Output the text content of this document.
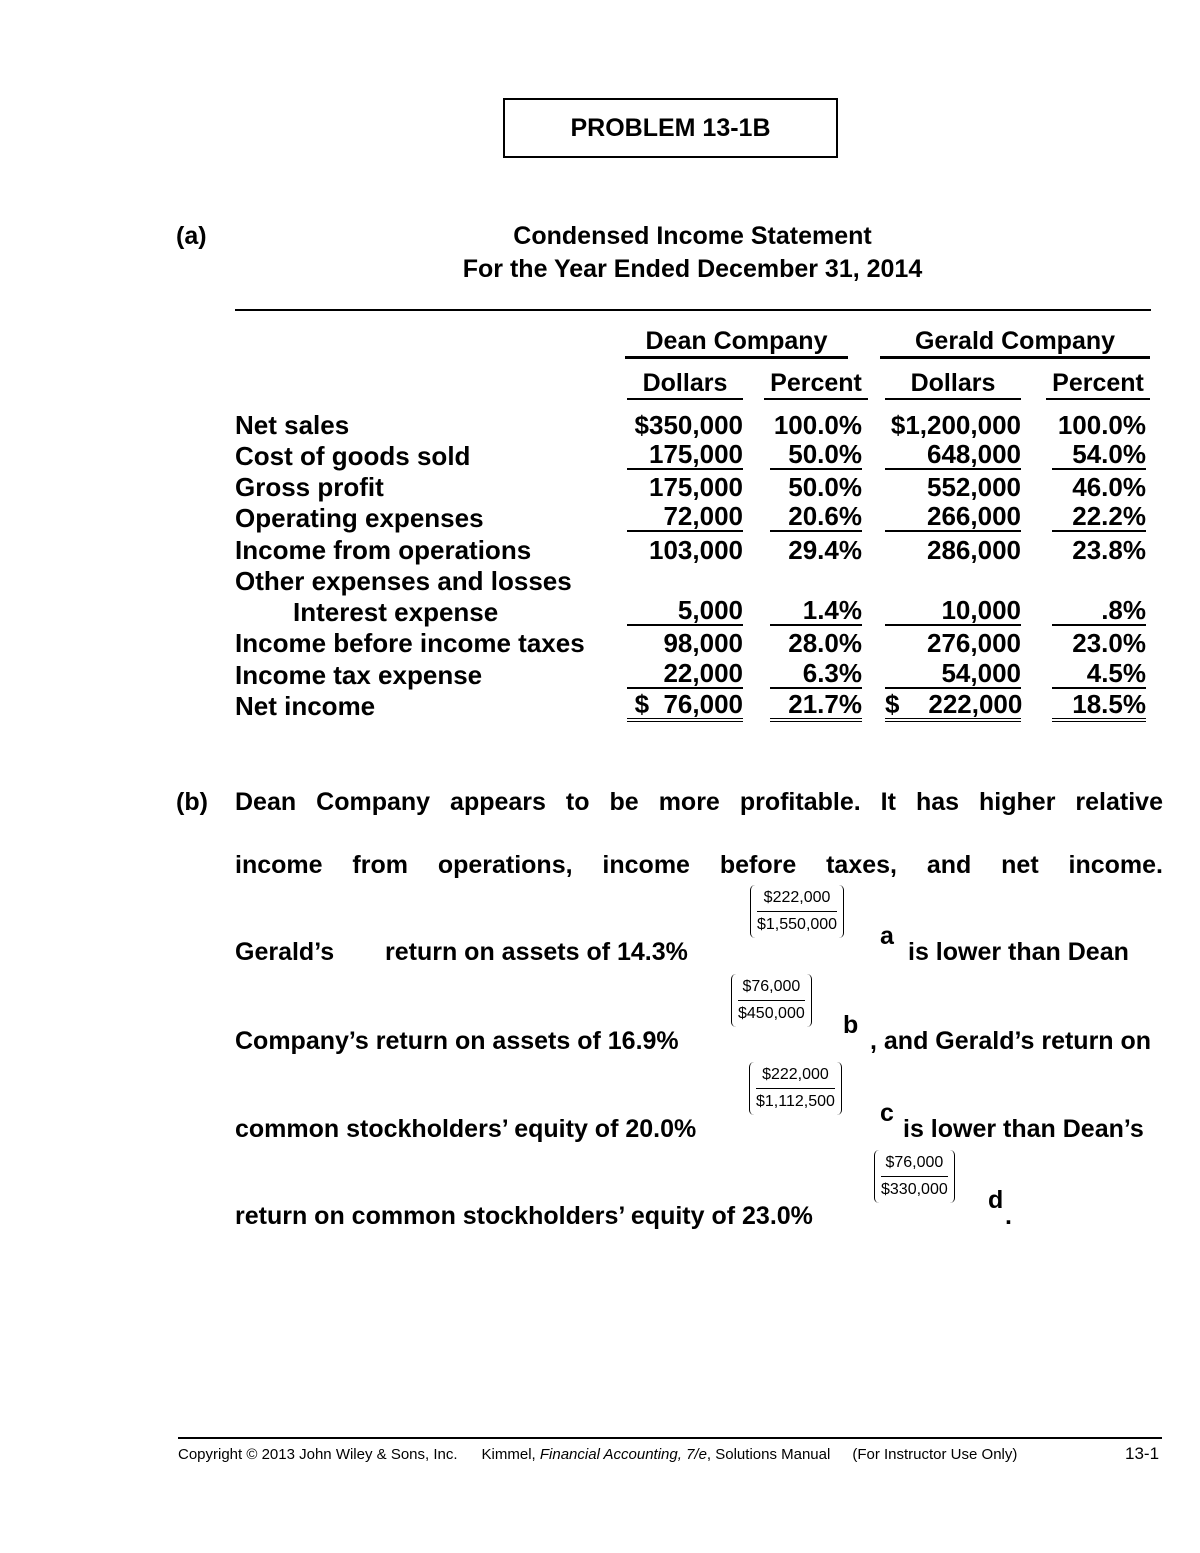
PROBLEM 13-1B
(a)	Condensed Income Statement
For the Year Ended December 31, 2014
Dean Company	Gerald Company
Dollars	Percent	Dollars	Percent
Net sales	$350,000 100.0% $1,200,000 100.0%
Cost of goods sold	175,000	50.0%	648,000	54.0%
Gross profit	175,000	50.0%	552,000	46.0%
Operating expenses	72,000	20.6%	266,000	22.2%
Income from operations	103,000	29.4%	286,000	23.8%
Other expenses and losses
Interest expense	5,000	1.4%	10,000	.8%
Income before income taxes	98,000	28.0%	276,000	23.0%
Income tax expense	22,000	6.3%	54,000	4.5%
Net income	$  76,000	21.7% $    222,000	18.5%
(b) Dean Company appears to be more profitable. It has higher relative
income from operations, income before taxes, and net income.
Gerald’s return on assets of 14.3%
$\frac{\$222,000}{\$1,550,000}$ a
is lower than Dean
Company’s return on assets of 16.9%
$\frac{\$76,000}{\$450,000}$ b
, and Gerald’s return on
common stockholders’ equity of 20.0%
$\frac{\$222,000}{\$1,112,500}$ c
is lower than Dean’s
return on common stockholders’ equity of 23.0%
$\frac{\$76,000}{\$330,000}$ d
.
Copyright © 2013 John Wiley & Sons, Inc. Kimmel, Financial Accounting, 7/e, Solutions Manual (For Instructor Use Only)	13-1
